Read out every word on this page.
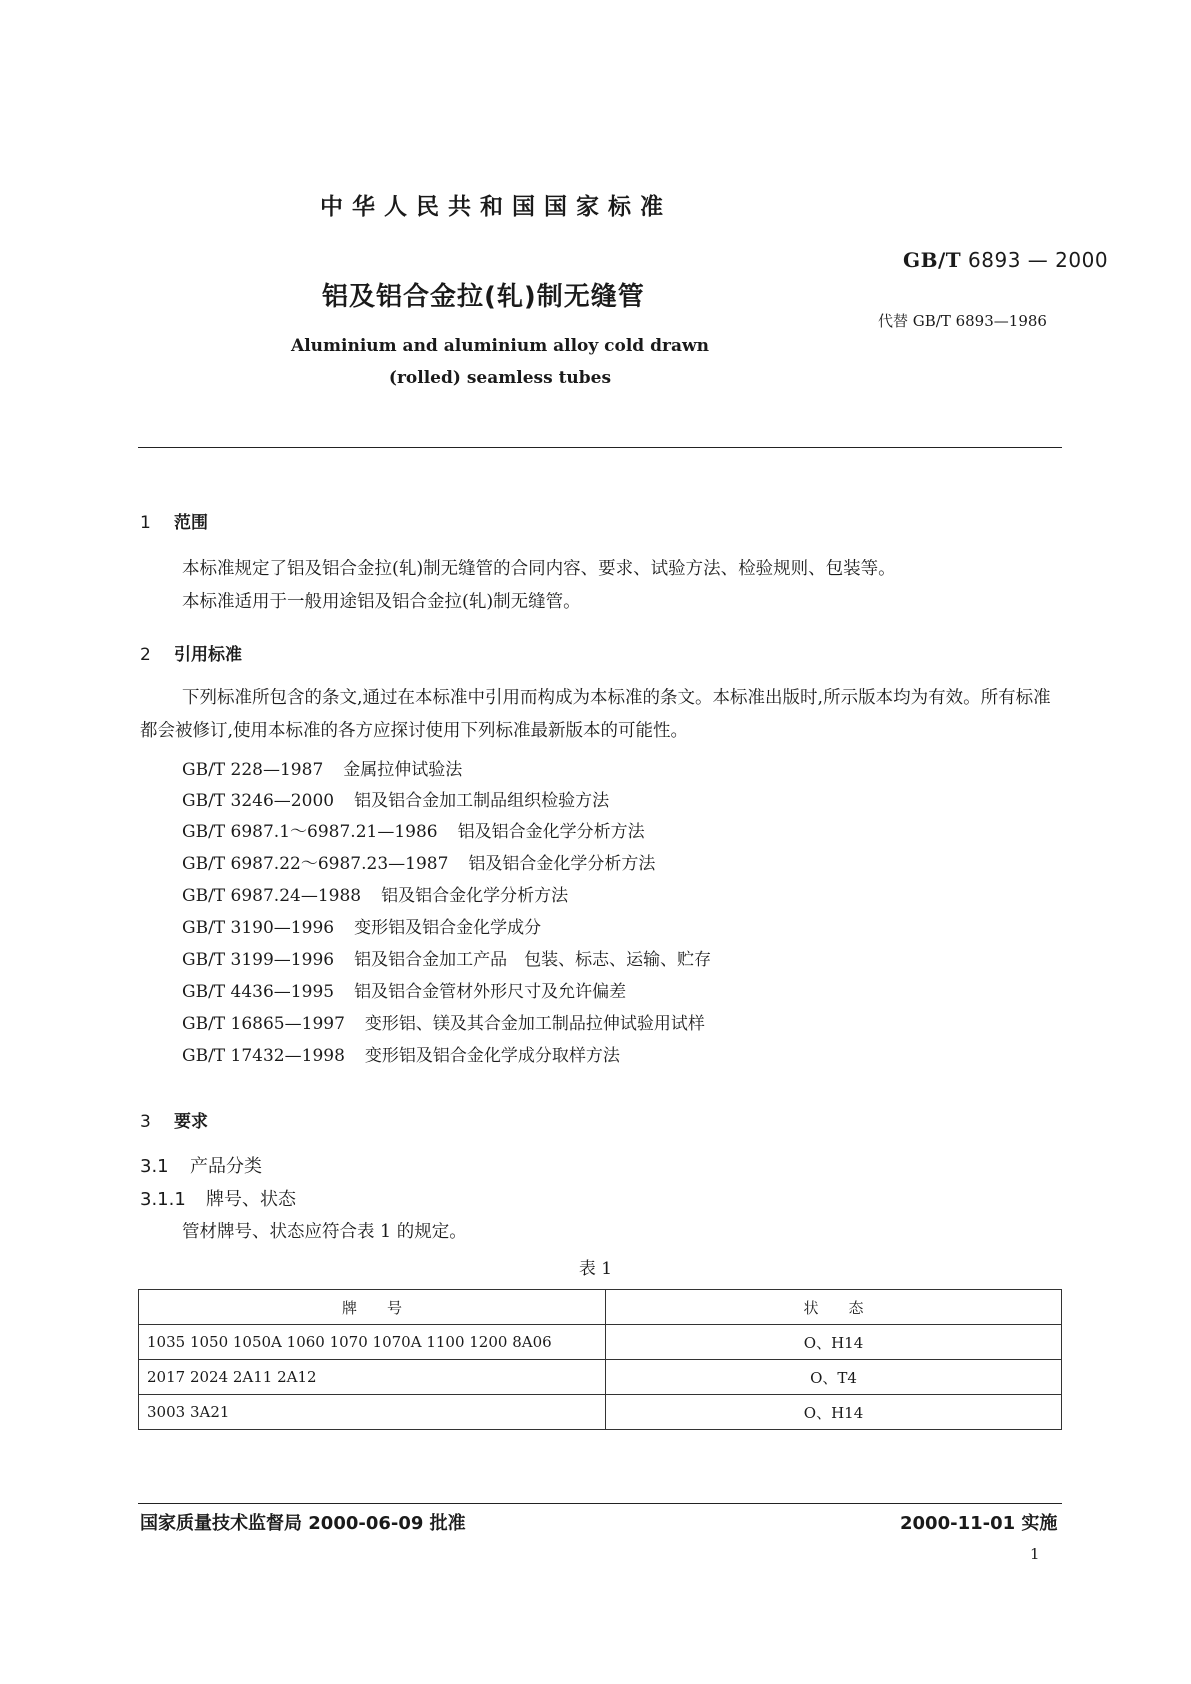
中华人民共和国国家标准
GB/T 6893 — 2000
铝及铝合金拉(轧)制无缝管
代替 GB/T 6893—1986
Aluminium and aluminium alloy cold drawn
(rolled) seamless tubes
1 范围
本标准规定了铝及铝合金拉(轧)制无缝管的合同内容、要求、试验方法、检验规则、包装等。
本标准适用于一般用途铝及铝合金拉(轧)制无缝管。
2 引用标准
下列标准所包含的条文,通过在本标准中引用而构成为本标准的条文。本标准出版时,所示版本均为有效。所有标准都会被修订,使用本标准的各方应探讨使用下列标准最新版本的可能性。
GB/T 228—1987 金属拉伸试验法
GB/T 3246—2000 铝及铝合金加工制品组织检验方法
GB/T 6987.1～6987.21—1986 铝及铝合金化学分析方法
GB/T 6987.22～6987.23—1987 铝及铝合金化学分析方法
GB/T 6987.24—1988 铝及铝合金化学分析方法
GB/T 3190—1996 变形铝及铝合金化学成分
GB/T 3199—1996 铝及铝合金加工产品　包装、标志、运输、贮存
GB/T 4436—1995 铝及铝合金管材外形尺寸及允许偏差
GB/T 16865—1997 变形铝、镁及其合金加工制品拉伸试验用试样
GB/T 17432—1998 变形铝及铝合金化学成分取样方法
3 要求
3.1 产品分类
3.1.1 牌号、状态
管材牌号、状态应符合表 1 的规定。
表 1
牌　　号	状　　态
1035 1050 1050A 1060 1070 1070A 1100 1200 8A06	O、H14
2017 2024 2A11 2A12	O、T4
3003 3A21	O、H14
国家质量技术监督局 2000-06-09 批准	2000-11-01 实施
1
